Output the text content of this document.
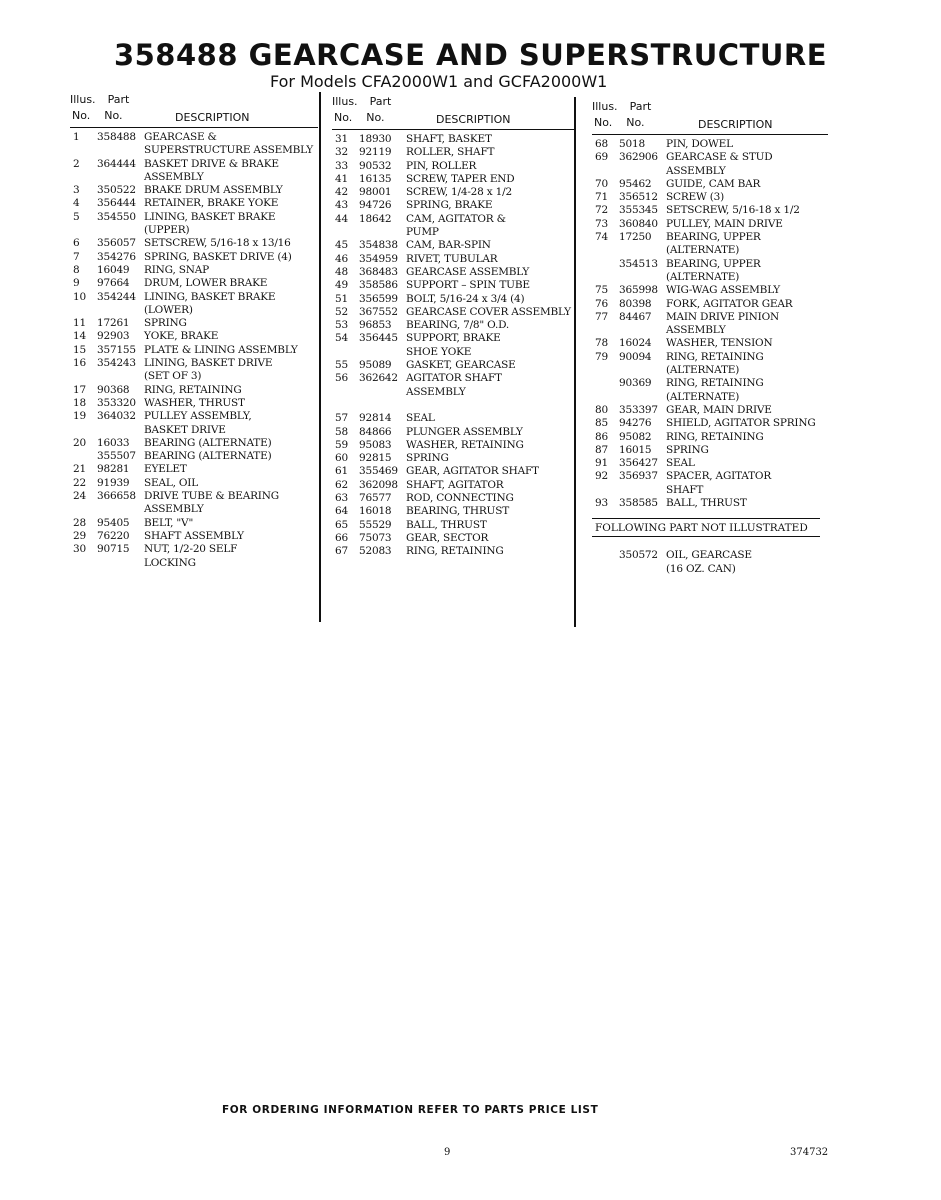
358488 GEARCASE AND SUPERSTRUCTURE
For Models CFA2000W1 and GCFA2000W1
Illus. Part
No. No.	DESCRIPTION
1	358488 GEARCASE &
SUPERSTRUCTURE ASSEMBLY
2	364444 BASKET DRIVE & BRAKE
ASSEMBLY
3	350522 BRAKE DRUM ASSEMBLY
4	356444 RETAINER, BRAKE YOKE
5	354550 LINING, BASKET BRAKE
(UPPER)
6	356057 SETSCREW, 5/16-18 x 13/16
7	354276 SPRING, BASKET DRIVE (4)
8	16049	RING, SNAP
9	97664	DRUM, LOWER BRAKE
10	354244 LINING, BASKET BRAKE
(LOWER)
11	17261	SPRING
14	92903	YOKE, BRAKE
15	357155 PLATE & LINING ASSEMBLY
16	354243 LINING, BASKET DRIVE
(SET OF 3)
17	90368	RING, RETAINING
18	353320 WASHER, THRUST
19	364032 PULLEY ASSEMBLY,
BASKET DRIVE
20	16033	BEARING (ALTERNATE)
355507 BEARING (ALTERNATE)
21	98281	EYELET
22	91939	SEAL, OIL
24	366658 DRIVE TUBE & BEARING
ASSEMBLY
28	95405	BELT, "V"
29	76220	SHAFT ASSEMBLY
30	90715	NUT, 1/2-20 SELF
LOCKING
Illus. Part
No. No.	DESCRIPTION
31	18930	SHAFT, BASKET
32	92119	ROLLER, SHAFT
33	90532	PIN, ROLLER
41	16135	SCREW, TAPER END
42	98001	SCREW, 1/4-28 x 1/2
43	94726	SPRING, BRAKE
44	18642	CAM, AGITATOR &
PUMP
45	354838 CAM, BAR-SPIN
46	354959 RIVET, TUBULAR
48	368483 GEARCASE ASSEMBLY
49	358586 SUPPORT – SPIN TUBE
51	356599 BOLT, 5/16-24 x 3/4 (4)
52	367552 GEARCASE COVER ASSEMBLY
53	96853	BEARING, 7/8" O.D.
54	356445 SUPPORT, BRAKE
SHOE YOKE
55	95089	GASKET, GEARCASE
56	362642 AGITATOR SHAFT
ASSEMBLY
57	92814	SEAL
58	84866	PLUNGER ASSEMBLY
59	95083	WASHER, RETAINING
60	92815	SPRING
61	355469 GEAR, AGITATOR SHAFT
62	362098 SHAFT, AGITATOR
63	76577	ROD, CONNECTING
64	16018	BEARING, THRUST
65	55529	BALL, THRUST
66	75073	GEAR, SECTOR
67	52083	RING, RETAINING
Illus. Part
No. No.	DESCRIPTION
68	5018	PIN, DOWEL
69	362906 GEARCASE & STUD
ASSEMBLY
70	95462	GUIDE, CAM BAR
71	356512 SCREW (3)
72	355345 SETSCREW, 5/16-18 x 1/2
73	360840 PULLEY, MAIN DRIVE
74	17250	BEARING, UPPER
(ALTERNATE)
354513 BEARING, UPPER
(ALTERNATE)
75	365998 WIG-WAG ASSEMBLY
76	80398	FORK, AGITATOR GEAR
77	84467	MAIN DRIVE PINION
ASSEMBLY
78	16024	WASHER, TENSION
79	90094	RING, RETAINING
(ALTERNATE)
90369	RING, RETAINING
(ALTERNATE)
80	353397 GEAR, MAIN DRIVE
85	94276	SHIELD, AGITATOR SPRING
86	95082	RING, RETAINING
87	16015	SPRING
91	356427 SEAL
92	356937 SPACER, AGITATOR
SHAFT
93	358585 BALL, THRUST
FOLLOWING PART NOT ILLUSTRATED
350572 OIL, GEARCASE
(16 OZ. CAN)
FOR ORDERING INFORMATION REFER TO PARTS PRICE LIST
9	374732
